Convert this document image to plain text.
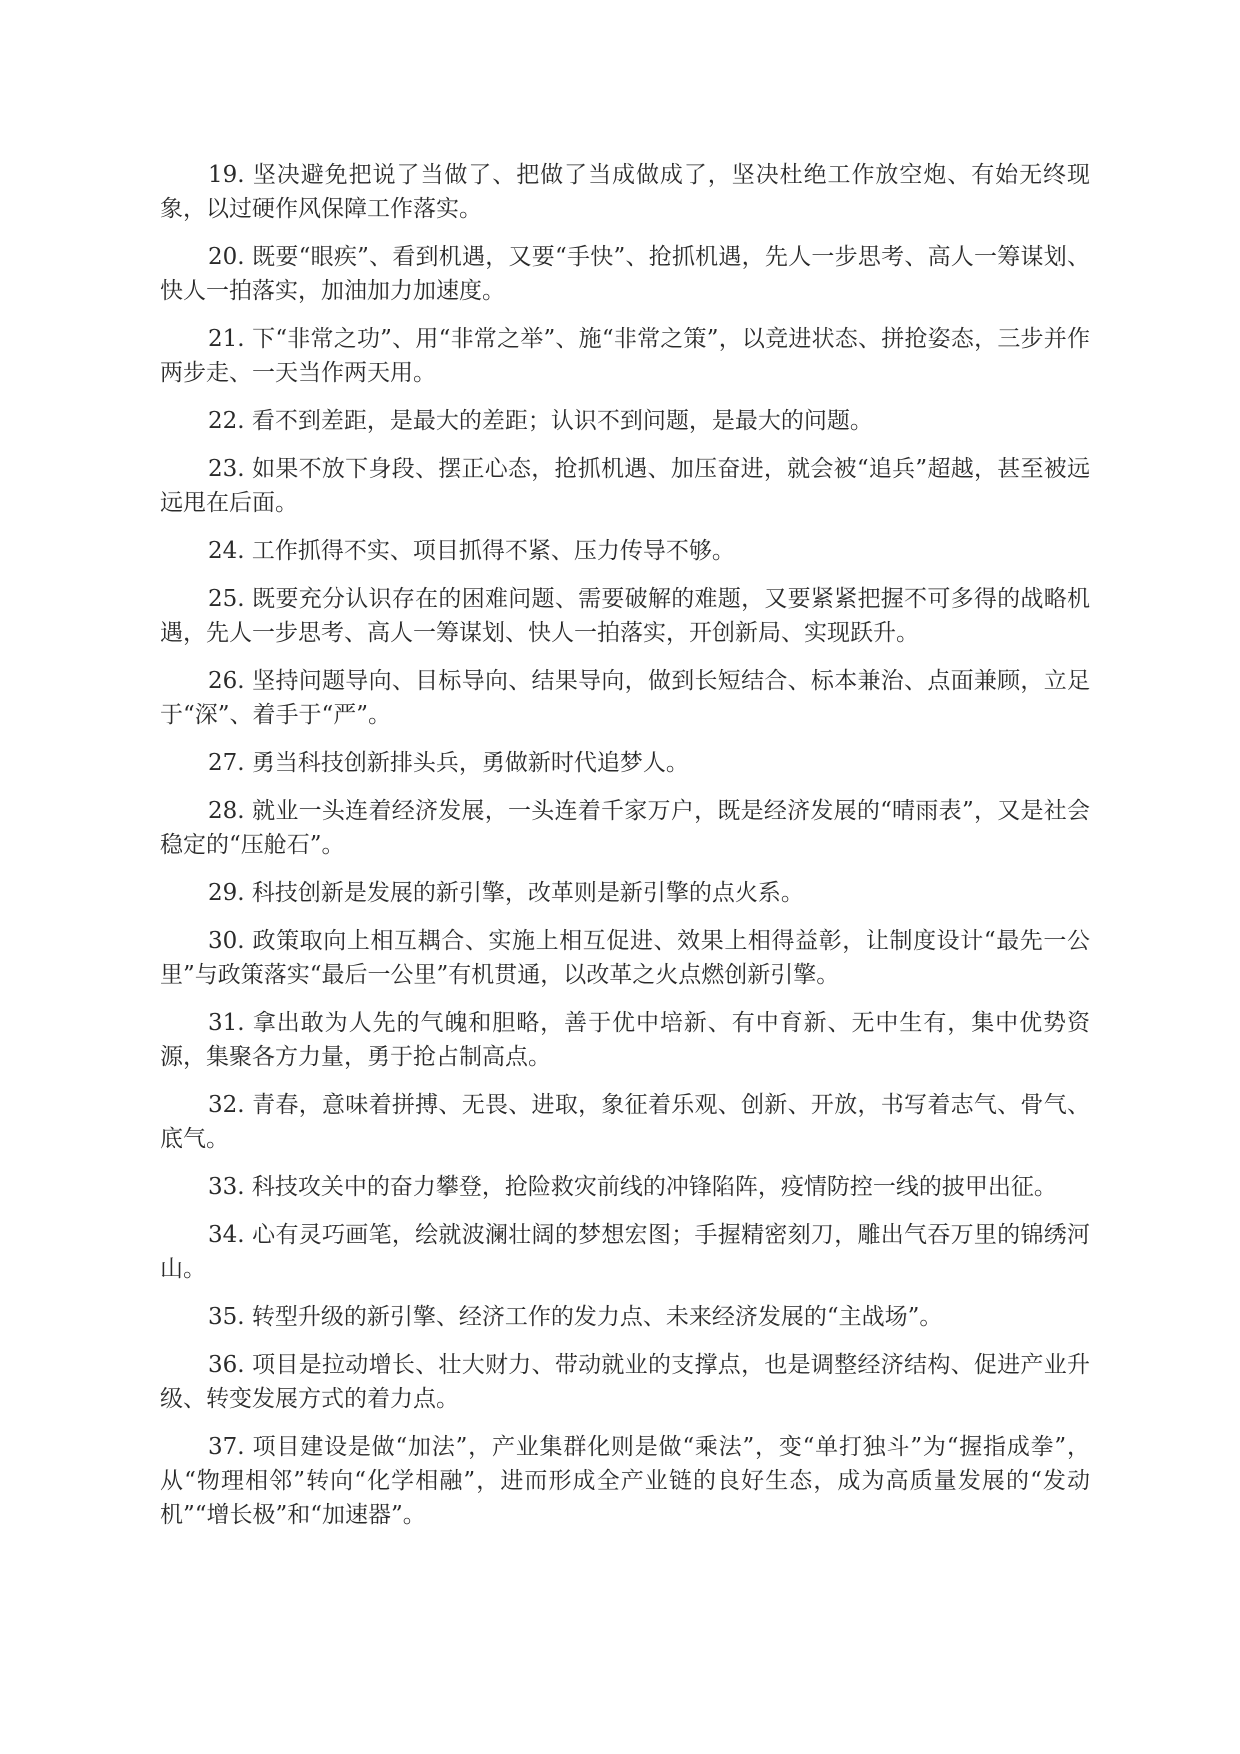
19. 坚决避免把说了当做了、把做了当成做成了，坚决杜绝工作放空炮、有始无终现象，以过硬作风保障工作落实。

20. 既要“眼疾”、看到机遇，又要“手快”、抢抓机遇，先人一步思考、高人一筹谋划、快人一拍落实，加油加力加速度。

21. 下“非常之功”、用“非常之举”、施“非常之策”，以竞进状态、拼抢姿态，三步并作两步走、一天当作两天用。

22. 看不到差距，是最大的差距；认识不到问题，是最大的问题。

23. 如果不放下身段、摆正心态，抢抓机遇、加压奋进，就会被“追兵”超越，甚至被远远甩在后面。

24. 工作抓得不实、项目抓得不紧、压力传导不够。

25. 既要充分认识存在的困难问题、需要破解的难题，又要紧紧把握不可多得的战略机遇，先人一步思考、高人一筹谋划、快人一拍落实，开创新局、实现跃升。

26. 坚持问题导向、目标导向、结果导向，做到长短结合、标本兼治、点面兼顾，立足于“深”、着手于“严”。

27. 勇当科技创新排头兵，勇做新时代追梦人。

28. 就业一头连着经济发展，一头连着千家万户，既是经济发展的“晴雨表”，又是社会稳定的“压舱石”。

29. 科技创新是发展的新引擎，改革则是新引擎的点火系。

30. 政策取向上相互耦合、实施上相互促进、效果上相得益彰，让制度设计“最先一公里”与政策落实“最后一公里”有机贯通，以改革之火点燃创新引擎。

31. 拿出敢为人先的气魄和胆略，善于优中培新、有中育新、无中生有，集中优势资源，集聚各方力量，勇于抢占制高点。

32. 青春，意味着拼搏、无畏、进取，象征着乐观、创新、开放，书写着志气、骨气、底气。

33. 科技攻关中的奋力攀登，抢险救灾前线的冲锋陷阵，疫情防控一线的披甲出征。

34. 心有灵巧画笔，绘就波澜壮阔的梦想宏图；手握精密刻刀，雕出气吞万里的锦绣河山。

35. 转型升级的新引擎、经济工作的发力点、未来经济发展的“主战场”。

36. 项目是拉动增长、壮大财力、带动就业的支撑点，也是调整经济结构、促进产业升级、转变发展方式的着力点。

37. 项目建设是做“加法”，产业集群化则是做“乘法”，变“单打独斗”为“握指成拳”，从“物理相邻”转向“化学相融”，进而形成全产业链的良好生态，成为高质量发展的“发动机”“增长极”和“加速器”。
